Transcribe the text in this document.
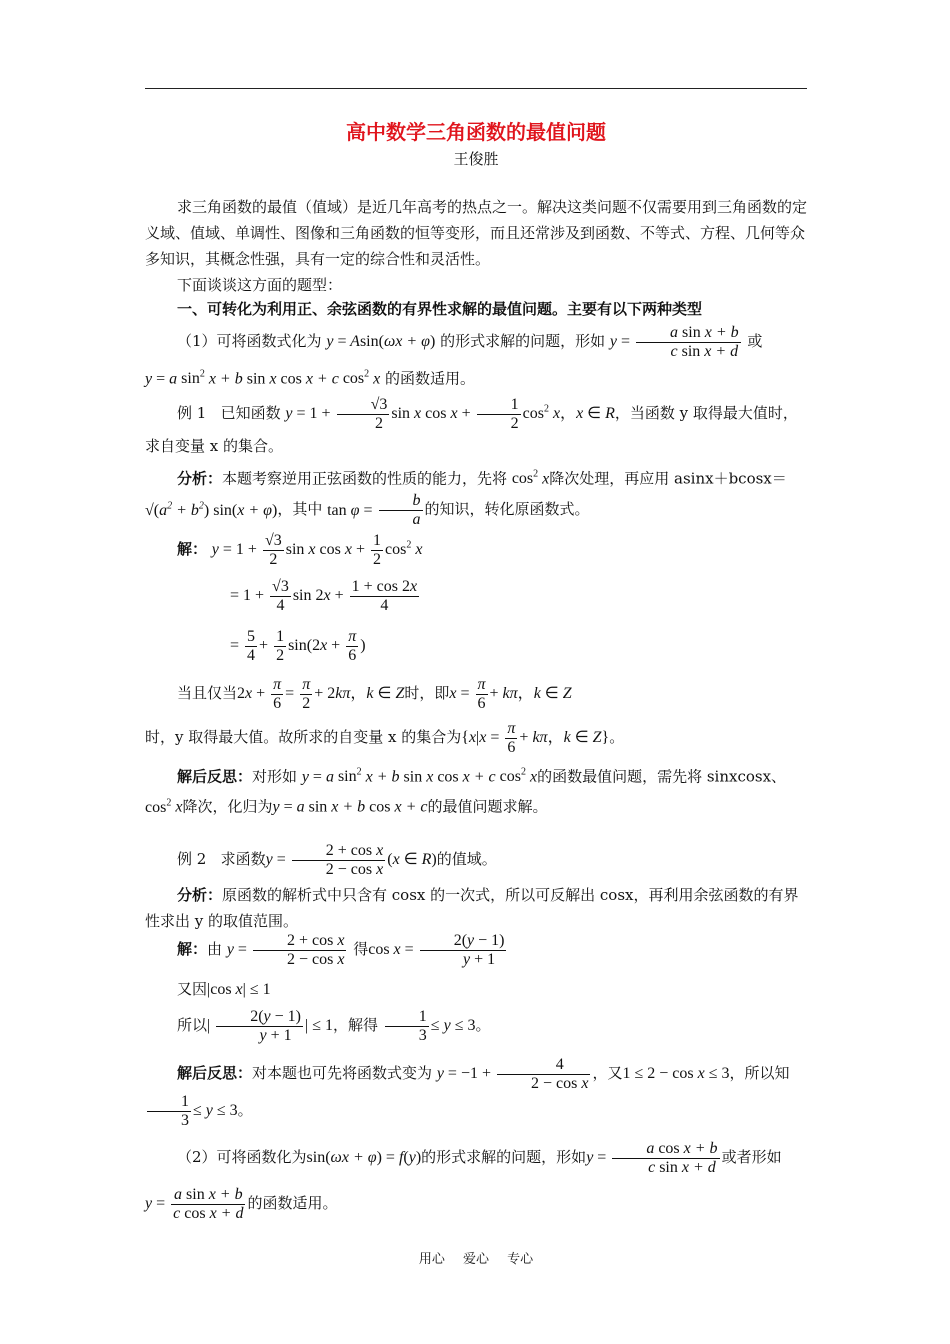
高中数学三角函数的最值问题
王俊胜
求三角函数的最值（值域）是近几年高考的热点之一。解决这类问题不仅需要用到三角函数的定义域、值域、单调性、图像和三角函数的恒等变形，而且还常涉及到函数、不等式、方程、几何等众多知识，其概念性强，具有一定的综合性和灵活性。
下面谈谈这方面的题型：
一、可转化为利用正、余弦函数的有界性求解的最值问题。主要有以下两种类型
（1）可将函数式化为 y = Asin(ωx + φ) 的形式求解的问题，形如 $y = \frac{\text{a sin x + b}}{\text{c sin x + d}}$ 或
y = a $\sin^2 x + b$ sin x cos x + c $\cos^2 x$ 的函数适用。
例 1 已知函数 $y = 1 + \frac{√3}{2}$ sin x $\cos x + \frac{1}{2} \cos^2 x$，x ∈ R，当函数 y 取得最大值时，求自变量 x 的集合。
分析：本题考察逆用正弦函数的性质的能力，先将 $\cos^2 x$降次处理，再应用 $asinx+bcosx=√(a^2 + b^2) \sin(x + \varphi)$，其中 $\tan \varphi = \frac{b}{a}$ 的知识，转化原函数式。
解： $y = 1 + \frac{√3}{2}$ sin x $\cos x + \frac{1}{2} \cos^2 x$
= $1 + \frac{√3}{4}$ $\sin 2x + \frac{1 + \cos 2x}{4}$
= $\frac{5}{4} + \frac{1}{2} \sin(2x + \frac{\pi}{6}$ )
当且仅当$2x + \frac{\pi}{6} = \frac{\pi}{2} + 2k\pi$，k ∈ Z时，即$x = \frac{\pi}{6} + k\pi$，k ∈ Z
时，y 取得最大值。故所求的自变量 x 的集合为{$x|x = \frac{\pi}{6} + k\pi$，k ∈ Z}。
解后反思：对形如 y = a $\sin^2 x + b$ sin x cos x + c $\cos^2 x$的函数最值问题，需先将 sinxcosx、$\cos^2 x$降次，化归为y = a sin x + b cos x + c的最值问题求解。
例 2 求函数$y = \frac{\text{2 + cos x}}{\text{2 − cos x}} (x$ ∈ R)的值域。
分析：原函数的解析式中只含有 cosx 的一次式，所以可反解出 cosx，再利用余弦函数的有界性求出 y 的取值范围。
解：由 $y = \frac{\text{2 + cos x}}{\text{2 − cos x}}$ 得$\cos x = \frac{2(y - 1)}{y + 1}$
又因|cos x| ≤ 1
所以| $\frac{2(y - 1)}{y + 1}$ | ≤ 1，解得 $\frac{1}{3} \le y \le 3$。
解后反思：对本题也可先将函数式变为 $y = -1 + \frac{4}{\text{2 − cos x}}$ ，又1 ≤ 2 − cos x ≤ 3，所以知
$\frac{1}{3} \le y \le 3$。
（2）可将函数化为sin(ωx + φ) = f(y)的形式求解的问题，形如$y = \frac{\text{a cos x + b}}{\text{c sin x + d}}$ 或者形如
$y = \frac{\text{a sin x + b}}{\text{c cos x + d}}$ 的函数适用。
用心 爱心 专心
